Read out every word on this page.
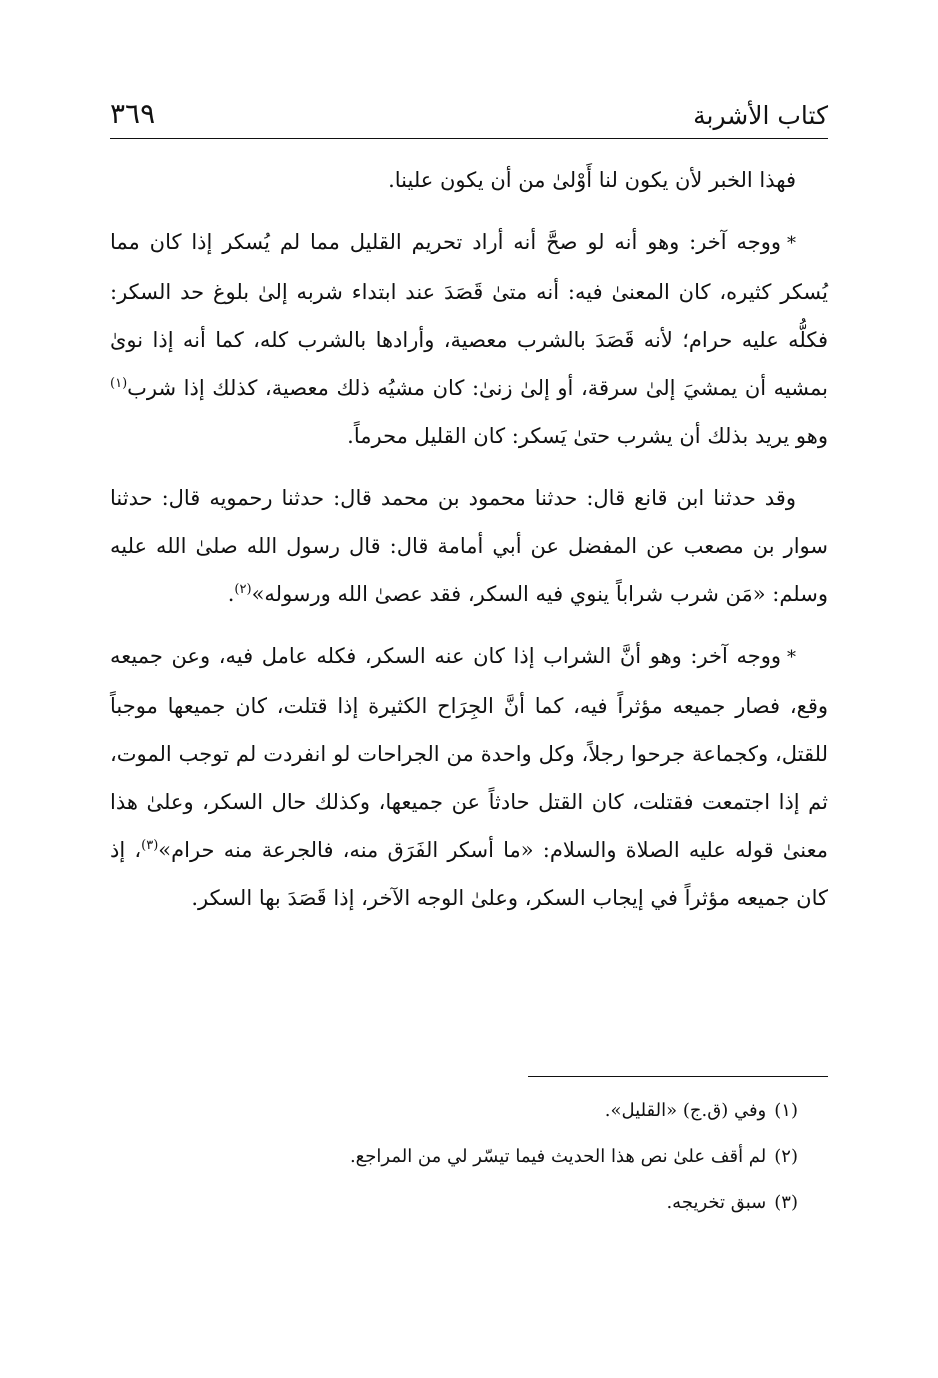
٣٦٩	كتاب الأشربة

فهذا الخبر لأن يكون لنا أَوْلىٰ من أن يكون علينا.

*ووجه آخر: وهو أنه لو صحَّ أنه أراد تحريم القليل مما لم يُسكر إذا كان مما يُسكر كثيره، كان المعنىٰ فيه: أنه متىٰ قَصَدَ عند ابتداء شربه إلىٰ بلوغ حد السكر: فكلُّه عليه حرام؛ لأنه قَصَدَ بالشرب معصية، وأرادها بالشرب كله، كما أنه إذا نوىٰ بمشيه أن يمشيَ إلىٰ سرقة، أو إلىٰ زنىٰ: كان مشيُه ذلك معصية، كذلك إذا شرب$^{(١)}$ وهو يريد بذلك أن يشرب حتىٰ يَسكر: كان القليل محرماً.

وقد حدثنا ابن قانع قال: حدثنا محمود بن محمد قال: حدثنا رحمويه قال: حدثنا سوار بن مصعب عن المفضل عن أبي أمامة قال: قال رسول الله صلىٰ الله عليه وسلم: «مَن شرب شراباً ينوي فيه السكر، فقد عصىٰ الله ورسوله»$^{(٢)}$.

*ووجه آخر: وهو أنَّ الشراب إذا كان عنه السكر، فكله عامل فيه، وعن جميعه وقع، فصار جميعه مؤثراً فيه، كما أنَّ الجِرَاح الكثيرة إذا قتلت، كان جميعها موجباً للقتل، وكجماعة جرحوا رجلاً، وكل واحدة من الجراحات لو انفردت لم توجب الموت، ثم إذا اجتمعت فقتلت، كان القتل حادثاً عن جميعها، وكذلك حال السكر، وعلىٰ هذا معنىٰ قوله عليه الصلاة والسلام: «ما أسكر الفَرَق منه، فالجرعة منه حرام»$^{(٣)}$، إذ كان جميعه مؤثراً في إيجاب السكر، وعلىٰ الوجه الآخر، إذا قَصَدَ بها السكر.

(١)وفي (ق.ج) «القليل».

(٢)لم أقف علىٰ نص هذا الحديث فيما تيسّر لي من المراجع.

(٣)سبق تخريجه.
